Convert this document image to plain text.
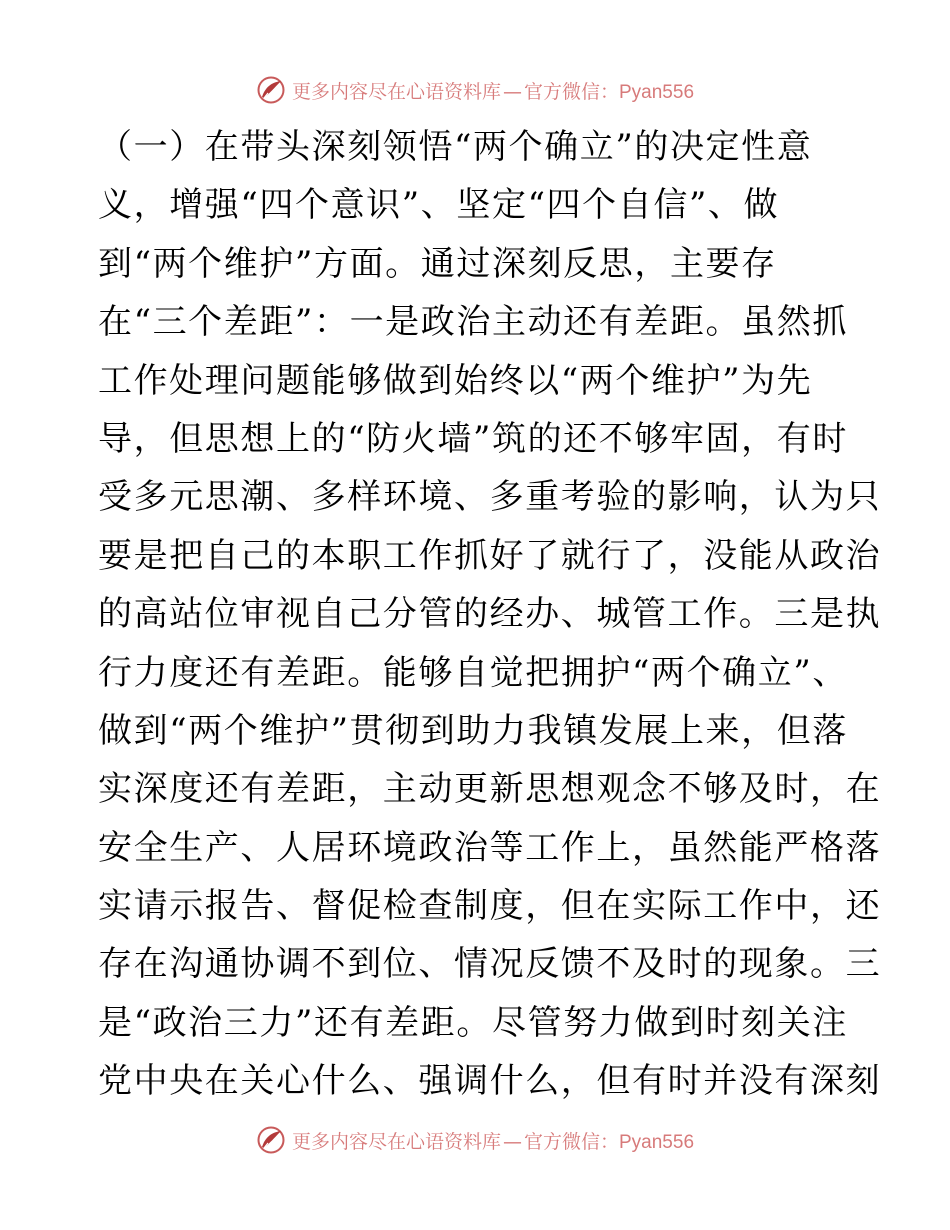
更多内容尽在心语资料库 — 官方微信：Pyan556
（一）在带头深刻领悟“两个确立”的决定性意
义，增强“四个意识”、坚定“四个自信”、做
到“两个维护”方面。通过深刻反思，主要存
在“三个差距”：一是政治主动还有差距。虽然抓
工作处理问题能够做到始终以“两个维护”为先
导，但思想上的“防火墙”筑的还不够牢固，有时
受多元思潮、多样环境、多重考验的影响，认为只
要是把自己的本职工作抓好了就行了，没能从政治
的高站位审视自己分管的经办、城管工作。三是执
行力度还有差距。能够自觉把拥护“两个确立”、
做到“两个维护”贯彻到助力我镇发展上来，但落
实深度还有差距，主动更新思想观念不够及时，在
安全生产、人居环境政治等工作上，虽然能严格落
实请示报告、督促检查制度，但在实际工作中，还
存在沟通协调不到位、情况反馈不及时的现象。三
是“政治三力”还有差距。尽管努力做到时刻关注
党中央在关心什么、强调什么，但有时并没有深刻
更多内容尽在心语资料库 — 官方微信：Pyan556
